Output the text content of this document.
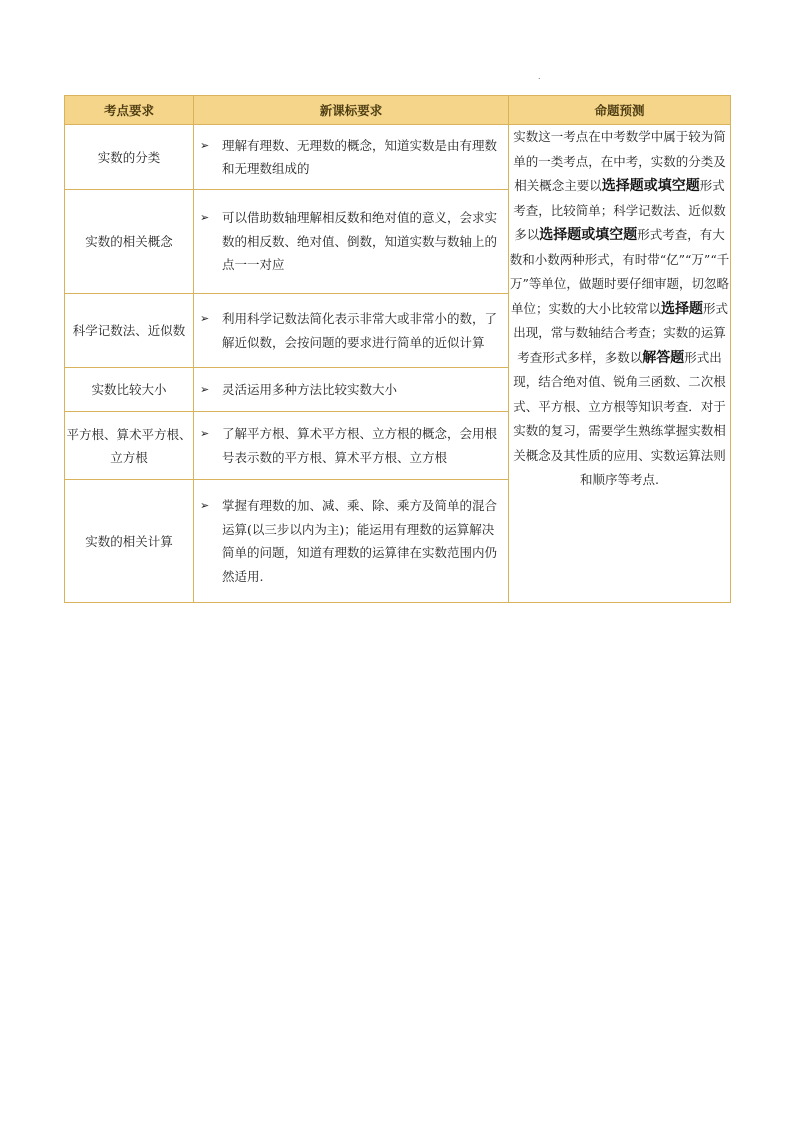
.
考点要求	新课标要求	命题预测
实数的分类	➢ 理解有理数、无理数的概念，知道实数是由有理数和无理数组成的	实数这一考点在中考数学中属于较为简单的一类考点，在中考，实数的分类及相关概念主要以选择题或填空题形式考查，比较简单；科学记数法、近似数多以选择题或填空题形式考查，有大数和小数两种形式，有时带“亿”“万”“千万”等单位，做题时要仔细审题，切忽略单位；实数的大小比较常以选择题形式出现，常与数轴结合考查；实数的运算考查形式多样，多数以解答题形式出现，结合绝对值、锐角三函数、二次根式、平方根、立方根等知识考查．对于实数的复习，需要学生熟练掌握实数相关概念及其性质的应用、实数运算法则和顺序等考点.

实数的相关概念	➢ 可以借助数轴理解相反数和绝对值的意义，会求实数的相反数、绝对值、倒数，知道实数与数轴上的点一一对应	

科学记数法、近似数	➢ 利用科学记数法简化表示非常大或非常小的数，了解近似数，会按问题的要求进行简单的近似计算	

实数比较大小	➢ 灵活运用多种方法比较实数大小	

平方根、算术平方根、立方根	➢ 了解平方根、算术平方根、立方根的概念，会用根号表示数的平方根、算术平方根、立方根	

实数的相关计算	➢ 掌握有理数的加、减、乘、除、乘方及简单的混合运算(以三步以内为主)；能运用有理数的运算解决简单的问题，知道有理数的运算律在实数范围内仍然适用.	
